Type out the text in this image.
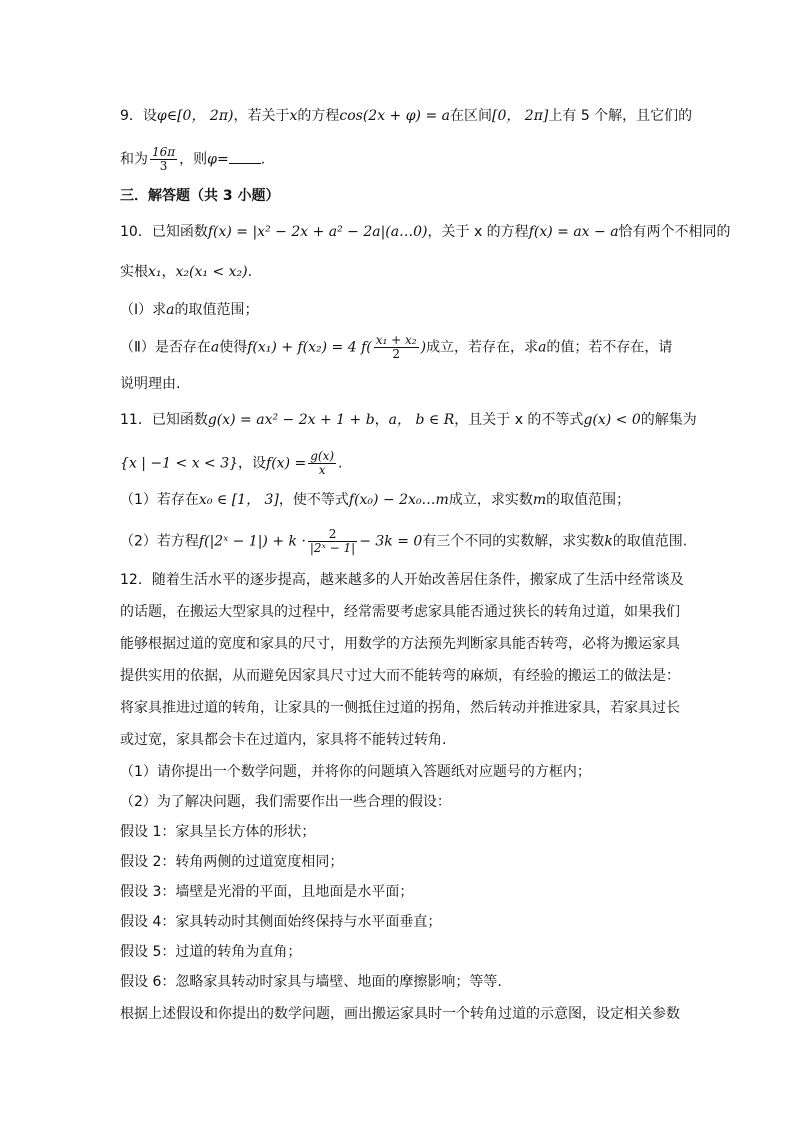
9．设φ∈[0， 2π)，若关于x的方程cos(2x + φ) = a在区间[0， 2π]上有 5 个解，且它们的
和为 $\frac{16\pi}{3}$ ，则φ= .
三．解答题（共 3 小题）
10．已知函数f(x) = |x² − 2x + a² − 2a|(a…0)，关于 x 的方程f(x) = ax − a恰有两个不相同的
实根x₁，x₂(x₁ < x₂).
（Ⅰ）求a的取值范围；
（Ⅱ）是否存在a使得f(x₁) + f(x₂) = 4 $f( \frac{\text{x₁ + x₂}}{2}$ )成立，若存在，求a的值；若不存在，请
说明理由.
11．已知函数g(x) = ax² − 2x + 1 + b，a， b ∈ R，且关于 x 的不等式g(x) < 0的解集为
{x | −1 < x < 3}，设$f(x) = \frac{g(x)}{x}$ .
（1）若存在x₀ ∈ [1， 3]，使不等式f(x₀) − 2x₀…m成立，求实数m的取值范围；
（2）若方程f(|2ˣ − $1|) + k \cdot \frac{2}{\text{|2ˣ − 1|}} - 3k = 0$有三个不同的实数解，求实数k的取值范围.
12．随着生活水平的逐步提高，越来越多的人开始改善居住条件，搬家成了生活中经常谈及
的话题，在搬运大型家具的过程中，经常需要考虑家具能否通过狭长的转角过道，如果我们
能够根据过道的宽度和家具的尺寸，用数学的方法预先判断家具能否转弯，必将为搬运家具
提供实用的依据，从而避免因家具尺寸过大而不能转弯的麻烦，有经验的搬运工的做法是：
将家具推进过道的转角，让家具的一侧抵住过道的拐角，然后转动并推进家具，若家具过长
或过宽，家具都会卡在过道内，家具将不能转过转角.
（1）请你提出一个数学问题，并将你的问题填入答题纸对应题号的方框内；
（2）为了解决问题，我们需要作出一些合理的假设：
假设 1：家具呈长方体的形状；
假设 2：转角两侧的过道宽度相同；
假设 3：墙壁是光滑的平面，且地面是水平面；
假设 4：家具转动时其侧面始终保持与水平面垂直；
假设 5：过道的转角为直角；
假设 6：忽略家具转动时家具与墙壁、地面的摩擦影响；等等.
根据上述假设和你提出的数学问题，画出搬运家具时一个转角过道的示意图，设定相关参数
